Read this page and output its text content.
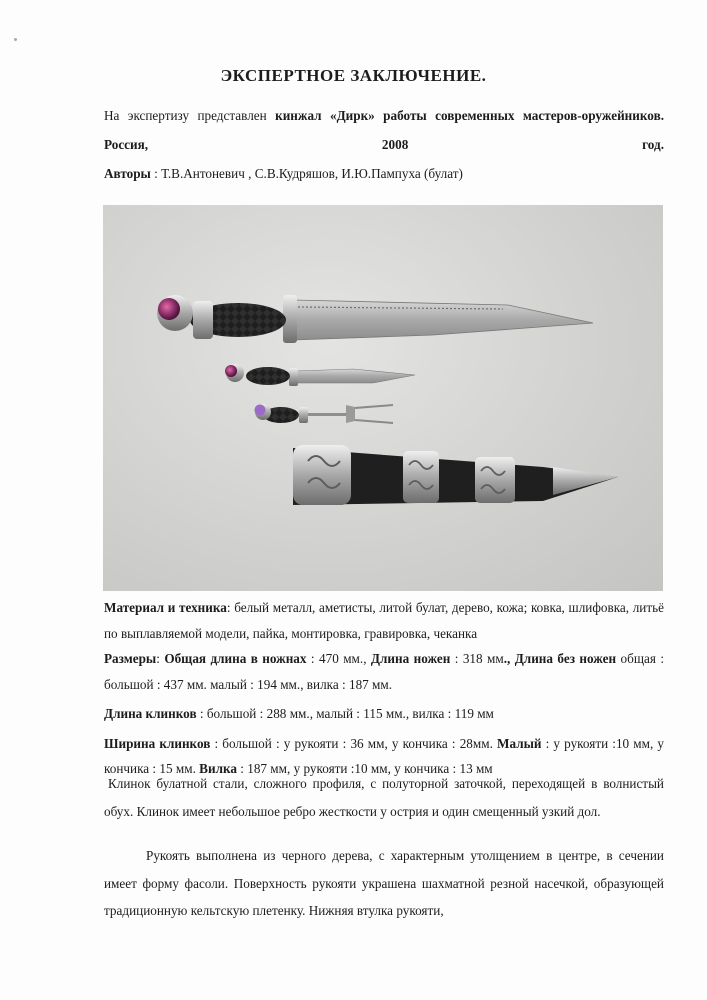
ЭКСПЕРТНОЕ ЗАКЛЮЧЕНИЕ.
На экспертизу представлен кинжал «Дирк» работы современных мастеров-оружейников. Россия, 2008 год.
Авторы : Т.В.Антоневич , С.В.Кудряшов, И.Ю.Пампуха (булат)

Материал и техника: белый металл, аметисты, литой булат, дерево, кожа; ковка, шлифовка, литьё по выплавляемой модели, пайка, монтировка, гравировка, чеканка

Размеры: Общая длина в ножнах : 470 мм., Длина ножен : 318 мм., Длина без ножен общая : большой : 437 мм. малый : 194 мм., вилка : 187 мм.

Длина клинков : большой : 288 мм., малый : 115 мм., вилка : 119 мм

Ширина клинков : большой : у рукояти : 36 мм, у кончика : 28мм. Малый : у рукояти :10 мм, у кончика : 15 мм. Вилка : 187 мм, у рукояти :10 мм, у кончика : 13 мм

Клинок булатной стали, сложного профиля, с полуторной заточкой, переходящей в волнистый обух. Клинок имеет небольшое ребро жесткости у острия и один смещенный узкий дол.
Рукоять выполнена из черного дерева, с характерным утолщением в центре, в сечении имеет форму фасоли. Поверхность рукояти украшена шахматной резной насечкой, образующей традиционную кельтскую плетенку. Нижняя втулка рукояти,
